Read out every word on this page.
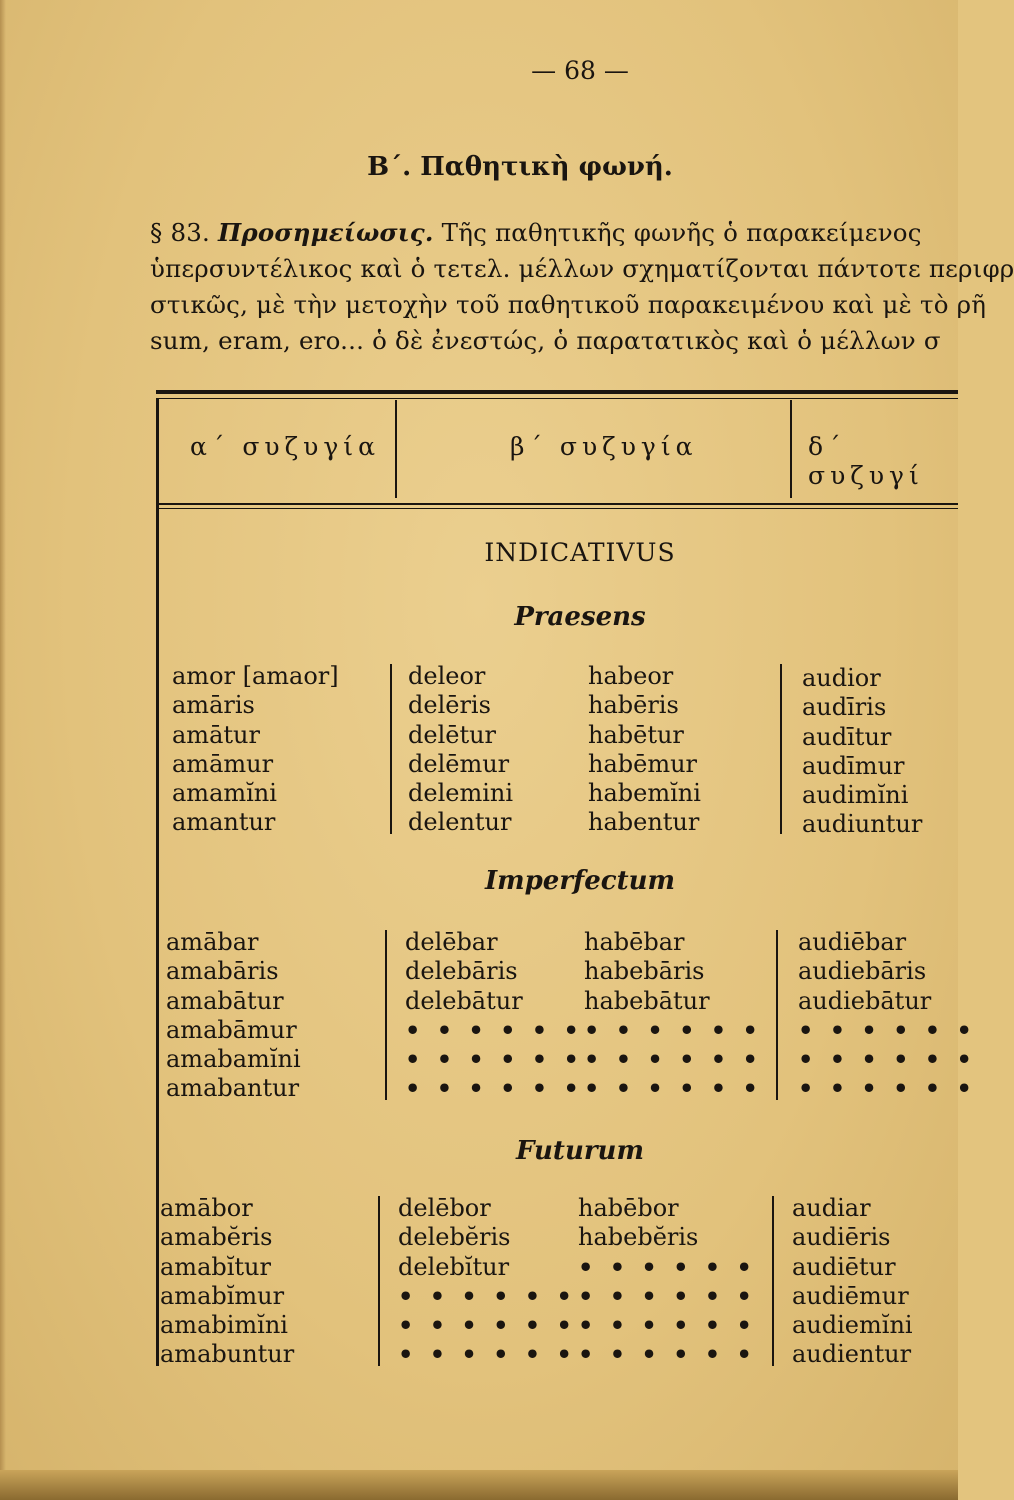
— 68 —
Β΄. Παθητικὴ φωνή.
§ 83. Προσημείωσις. Τῆς παθητικῆς φωνῆς ὁ παρακείμενος
ὑπερσυντέλικος καὶ ὁ τετελ. μέλλων σχηματίζονται πάντοτε περιφρ
στικῶς, μὲ τὴν μετοχὴν τοῦ παθητικοῦ παρακειμένου καὶ μὲ τὸ ρῆ
sum, eram, ero... ὁ δὲ ἐνεστώς, ὁ παρατατικὸς καὶ ὁ μέλλων σ
α΄ συζυγία	β΄ συζυγία	δ΄ συζυγί
INDICATIVUS
Praesens
amor [amaor]
amāris
amātur
amāmur
amamĭni
amantur
deleor
delēris
delētur
delēmur
delemini
delentur
habeor
habēris
habētur
habēmur
habemĭni
habentur
audior
audīris
audītur
audīmur
audimĭni
audiuntur
Imperfectum
amābar
amabāris
amabātur
amabāmur
amabamĭni
amabantur
delēbar
delebāris
delebātur
• • • • • •
• • • • • •
• • • • • •
habēbar
habebāris
habebātur
• • • • • •
• • • • • •
• • • • • •
audiēbar
audiebāris
audiebātur
• • • • • •
• • • • • •
• • • • • •
Futurum
amābor
amabĕris
amabĭtur
amabĭmur
amabimĭni
amabuntur
delēbor
delebĕris
delebĭtur
• • • • • •
• • • • • •
• • • • • •
habēbor
habebĕris
• • • • • •
• • • • • •
• • • • • •
• • • • • •
audiar
audiēris
audiētur
audiēmur
audiemĭni
audientur
